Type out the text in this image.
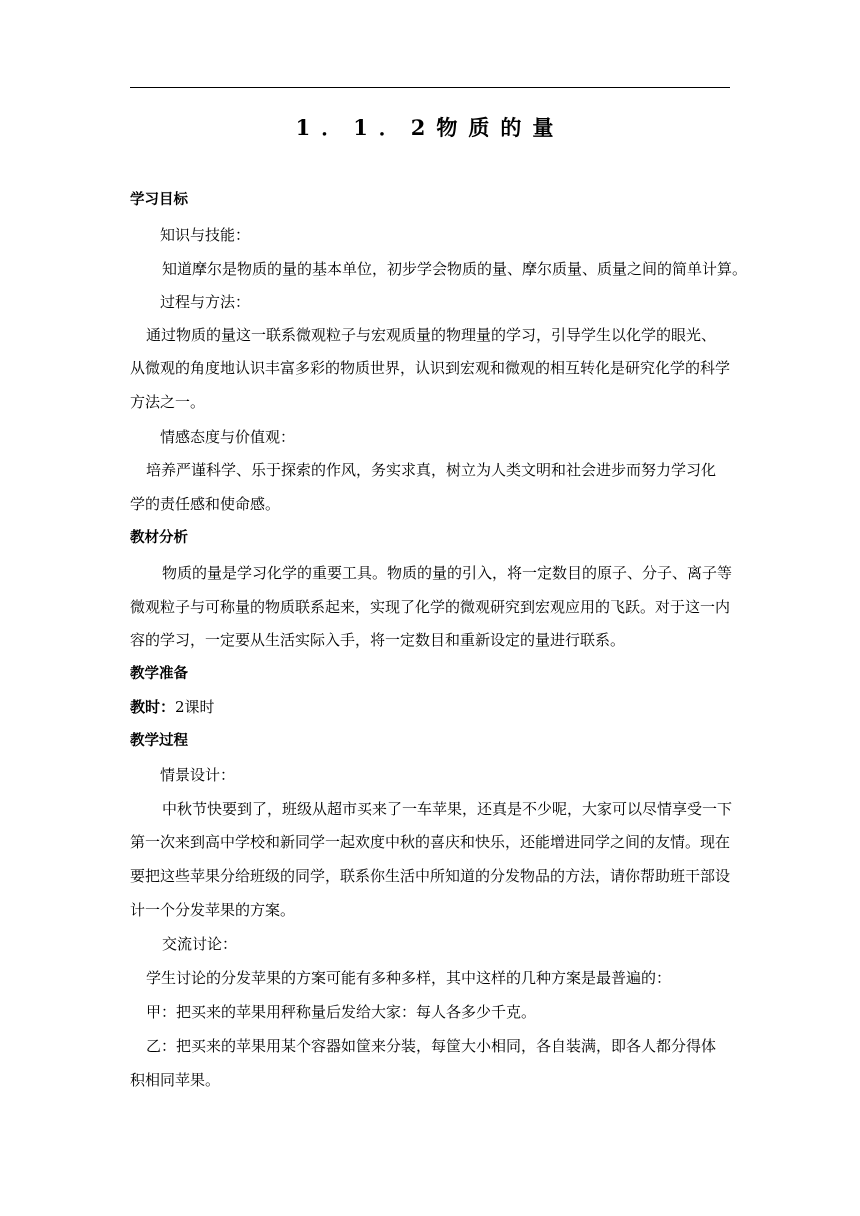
1．1．2物质的量
学习目标
知识与技能：
知道摩尔是物质的量的基本单位，初步学会物质的量、摩尔质量、质量之间的简单计算。
过程与方法：
通过物质的量这一联系微观粒子与宏观质量的物理量的学习，引导学生以化学的眼光、
从微观的角度地认识丰富多彩的物质世界，认识到宏观和微观的相互转化是研究化学的科学
方法之一。
情感态度与价值观：
培养严谨科学、乐于探索的作风，务实求真，树立为人类文明和社会进步而努力学习化
学的责任感和使命感。
教材分析
物质的量是学习化学的重要工具。物质的量的引入，将一定数目的原子、分子、离子等
微观粒子与可称量的物质联系起来，实现了化学的微观研究到宏观应用的飞跃。对于这一内
容的学习，一定要从生活实际入手，将一定数目和重新设定的量进行联系。
教学准备
教时：2课时
教学过程
情景设计：
中秋节快要到了，班级从超市买来了一车苹果，还真是不少呢，大家可以尽情享受一下
第一次来到高中学校和新同学一起欢度中秋的喜庆和快乐，还能增进同学之间的友情。现在
要把这些苹果分给班级的同学，联系你生活中所知道的分发物品的方法，请你帮助班干部设
计一个分发苹果的方案。
交流讨论：
学生讨论的分发苹果的方案可能有多种多样，其中这样的几种方案是最普遍的：
甲：把买来的苹果用秤称量后发给大家：每人各多少千克。
乙：把买来的苹果用某个容器如筐来分装，每筐大小相同，各自装满，即各人都分得体
积相同苹果。
